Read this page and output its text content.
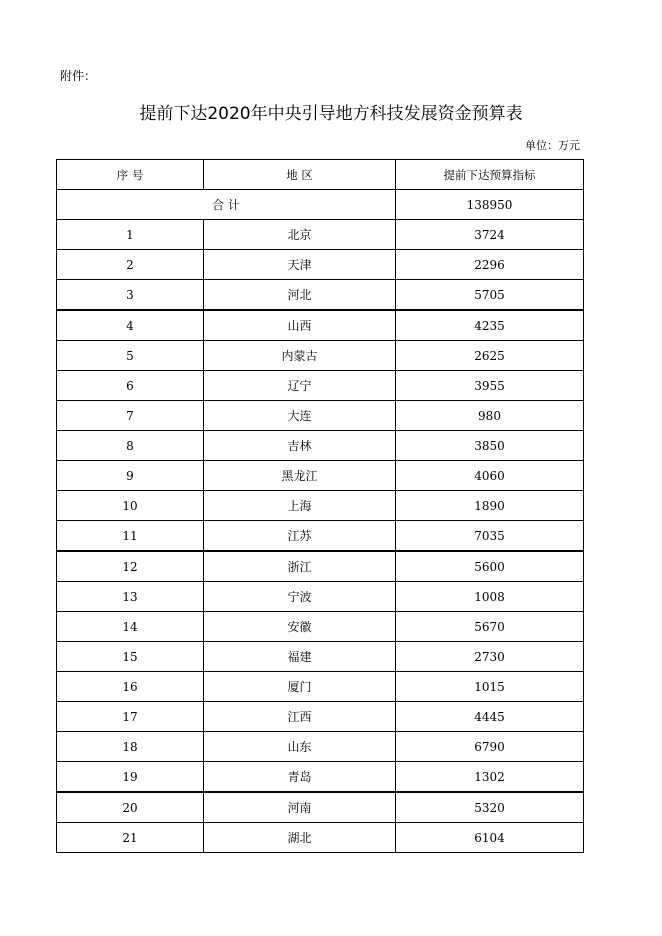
附件：
提前下达2020年中央引导地方科技发展资金预算表
单位：万元
序 号	地 区	提前下达预算指标
合 计		138950
1	北京	3724
2	天津	2296
3	河北	5705
4	山西	4235
5	内蒙古	2625
6	辽宁	3955
7	大连	980
8	吉林	3850
9	黑龙江	4060
10	上海	1890
11	江苏	7035
12	浙江	5600
13	宁波	1008
14	安徽	5670
15	福建	2730
16	厦门	1015
17	江西	4445
18	山东	6790
19	青岛	1302
20	河南	5320
21	湖北	6104
